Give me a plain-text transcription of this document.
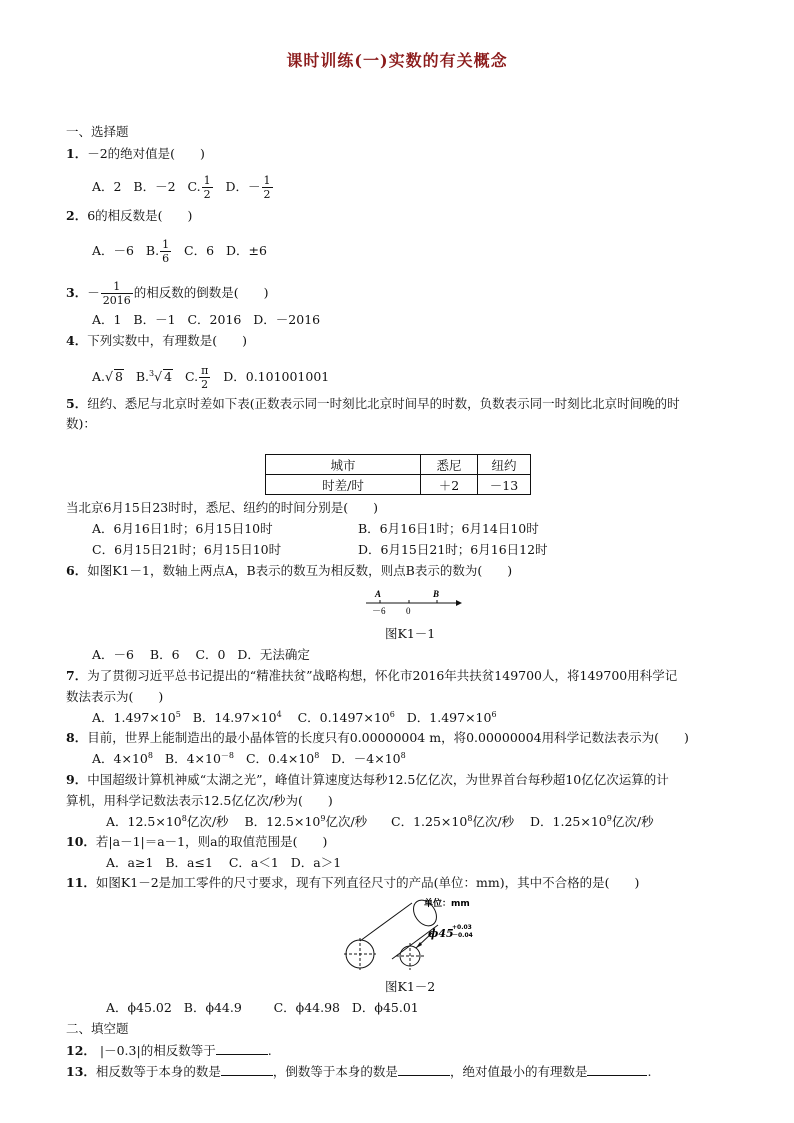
课时训练(一)实数的有关概念
一、选择题
1．－2的绝对值是(　　)
A．2 B．－2 C. $\frac{1}{2}$ D．－ $\frac{1}{2}$
2．6的相反数是(　　)
A．－6 B. $\frac{1}{6}$ C．6 D．±6
3．－ $\frac{1}{2016}$ 的相反数的倒数是(　　)
A．1 B．－1 C．2016 D．－2016
4．下列实数中，有理数是(　　)
A.√ 8 B.$^3$√ 4 C. $\frac{\pi}{2}$ D．0.101001001
5．纽约、悉尼与北京时差如下表(正数表示同一时刻比北京时间早的时数，负数表示同一时刻比北京时间晚的时
数)：
城市	悉尼	纽约
时差/时	＋2	－13
当北京6月15日23时时，悉尼、纽约的时间分别是(　　)
A．6月16日1时；6月15日10时	B．6月16日1时；6月14日10时
C．6月15日21时；6月15日10时	D．6月15日21时；6月16日12时
6．如图K1－1，数轴上两点A，B表示的数互为相反数，则点B表示的数为(　　)
A	B
－6 0
图K1－1
A．－6 B．6 C．0 D．无法确定
7．为了贯彻习近平总书记提出的“精准扶贫”战略构想，怀化市2016年共扶贫149700人，将149700用科学记
数法表示为(　　)
A．$1.497\times 10^5$ B．$14.97\times 10^4$ C．$0.1497\times 10^6$ D．$1.497\times 10^6$
8．目前，世界上能制造出的最小晶体管的长度只有0.00000004 m，将0.00000004用科学记数法表示为(　　)
A．$4\times 10^8$ B．$4\times 10^{-8}$ C．$0.4\times 10^8$ D．$-4\times 10^8$
9．中国超级计算机神威“太湖之光”，峰值计算速度达每秒12.5亿亿次，为世界首台每秒超10亿亿次运算的计
算机，用科学记数法表示12.5亿亿次/秒为(　　)
A．$12.5\times 10^8$亿次/秒 B．$12.5\times 10^9$亿次/秒 C．$1.25\times 10^8$亿次/秒 D．$1.25\times 10^9$亿次/秒
10．若|a－1|＝a－1，则a的取值范围是(　　)
A．a≥1 B．a≤1 C．a＜1 D．a＞1
11．如图K1－2是加工零件的尺寸要求，现有下列直径尺寸的产品(单位：mm)，其中不合格的是(　　)
单位：mm
ϕ45
+0.03
－0.04
图K1－2
A．ϕ45.02 B．ϕ44.9	C．ϕ44.98 D．ϕ45.01
二、填空题
12． |－0.3|的相反数等于	.
13．相反数等于本身的数是	，倒数等于本身的数是	，绝对值最小的有理数是	.
